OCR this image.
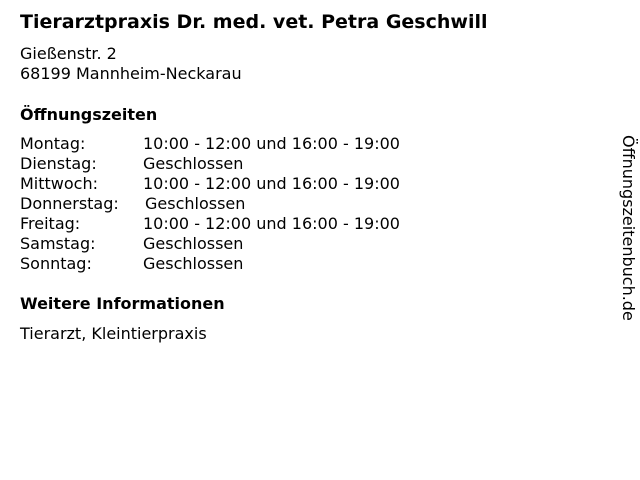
Tierarztpraxis Dr. med. vet. Petra Geschwill
Gießenstr. 2
68199 Mannheim-Neckarau
Öffnungszeiten
Montag:	10:00 - 12:00 und 16:00 - 19:00
Dienstag:	Geschlossen
Mittwoch:	10:00 - 12:00 und 16:00 - 19:00
Donnerstag: Geschlossen
Freitag:	10:00 - 12:00 und 16:00 - 19:00
Samstag:	Geschlossen
Sonntag:	Geschlossen
Weitere Informationen
Tierarzt, Kleintierpraxis
Öffnungszeitenbuch.de
